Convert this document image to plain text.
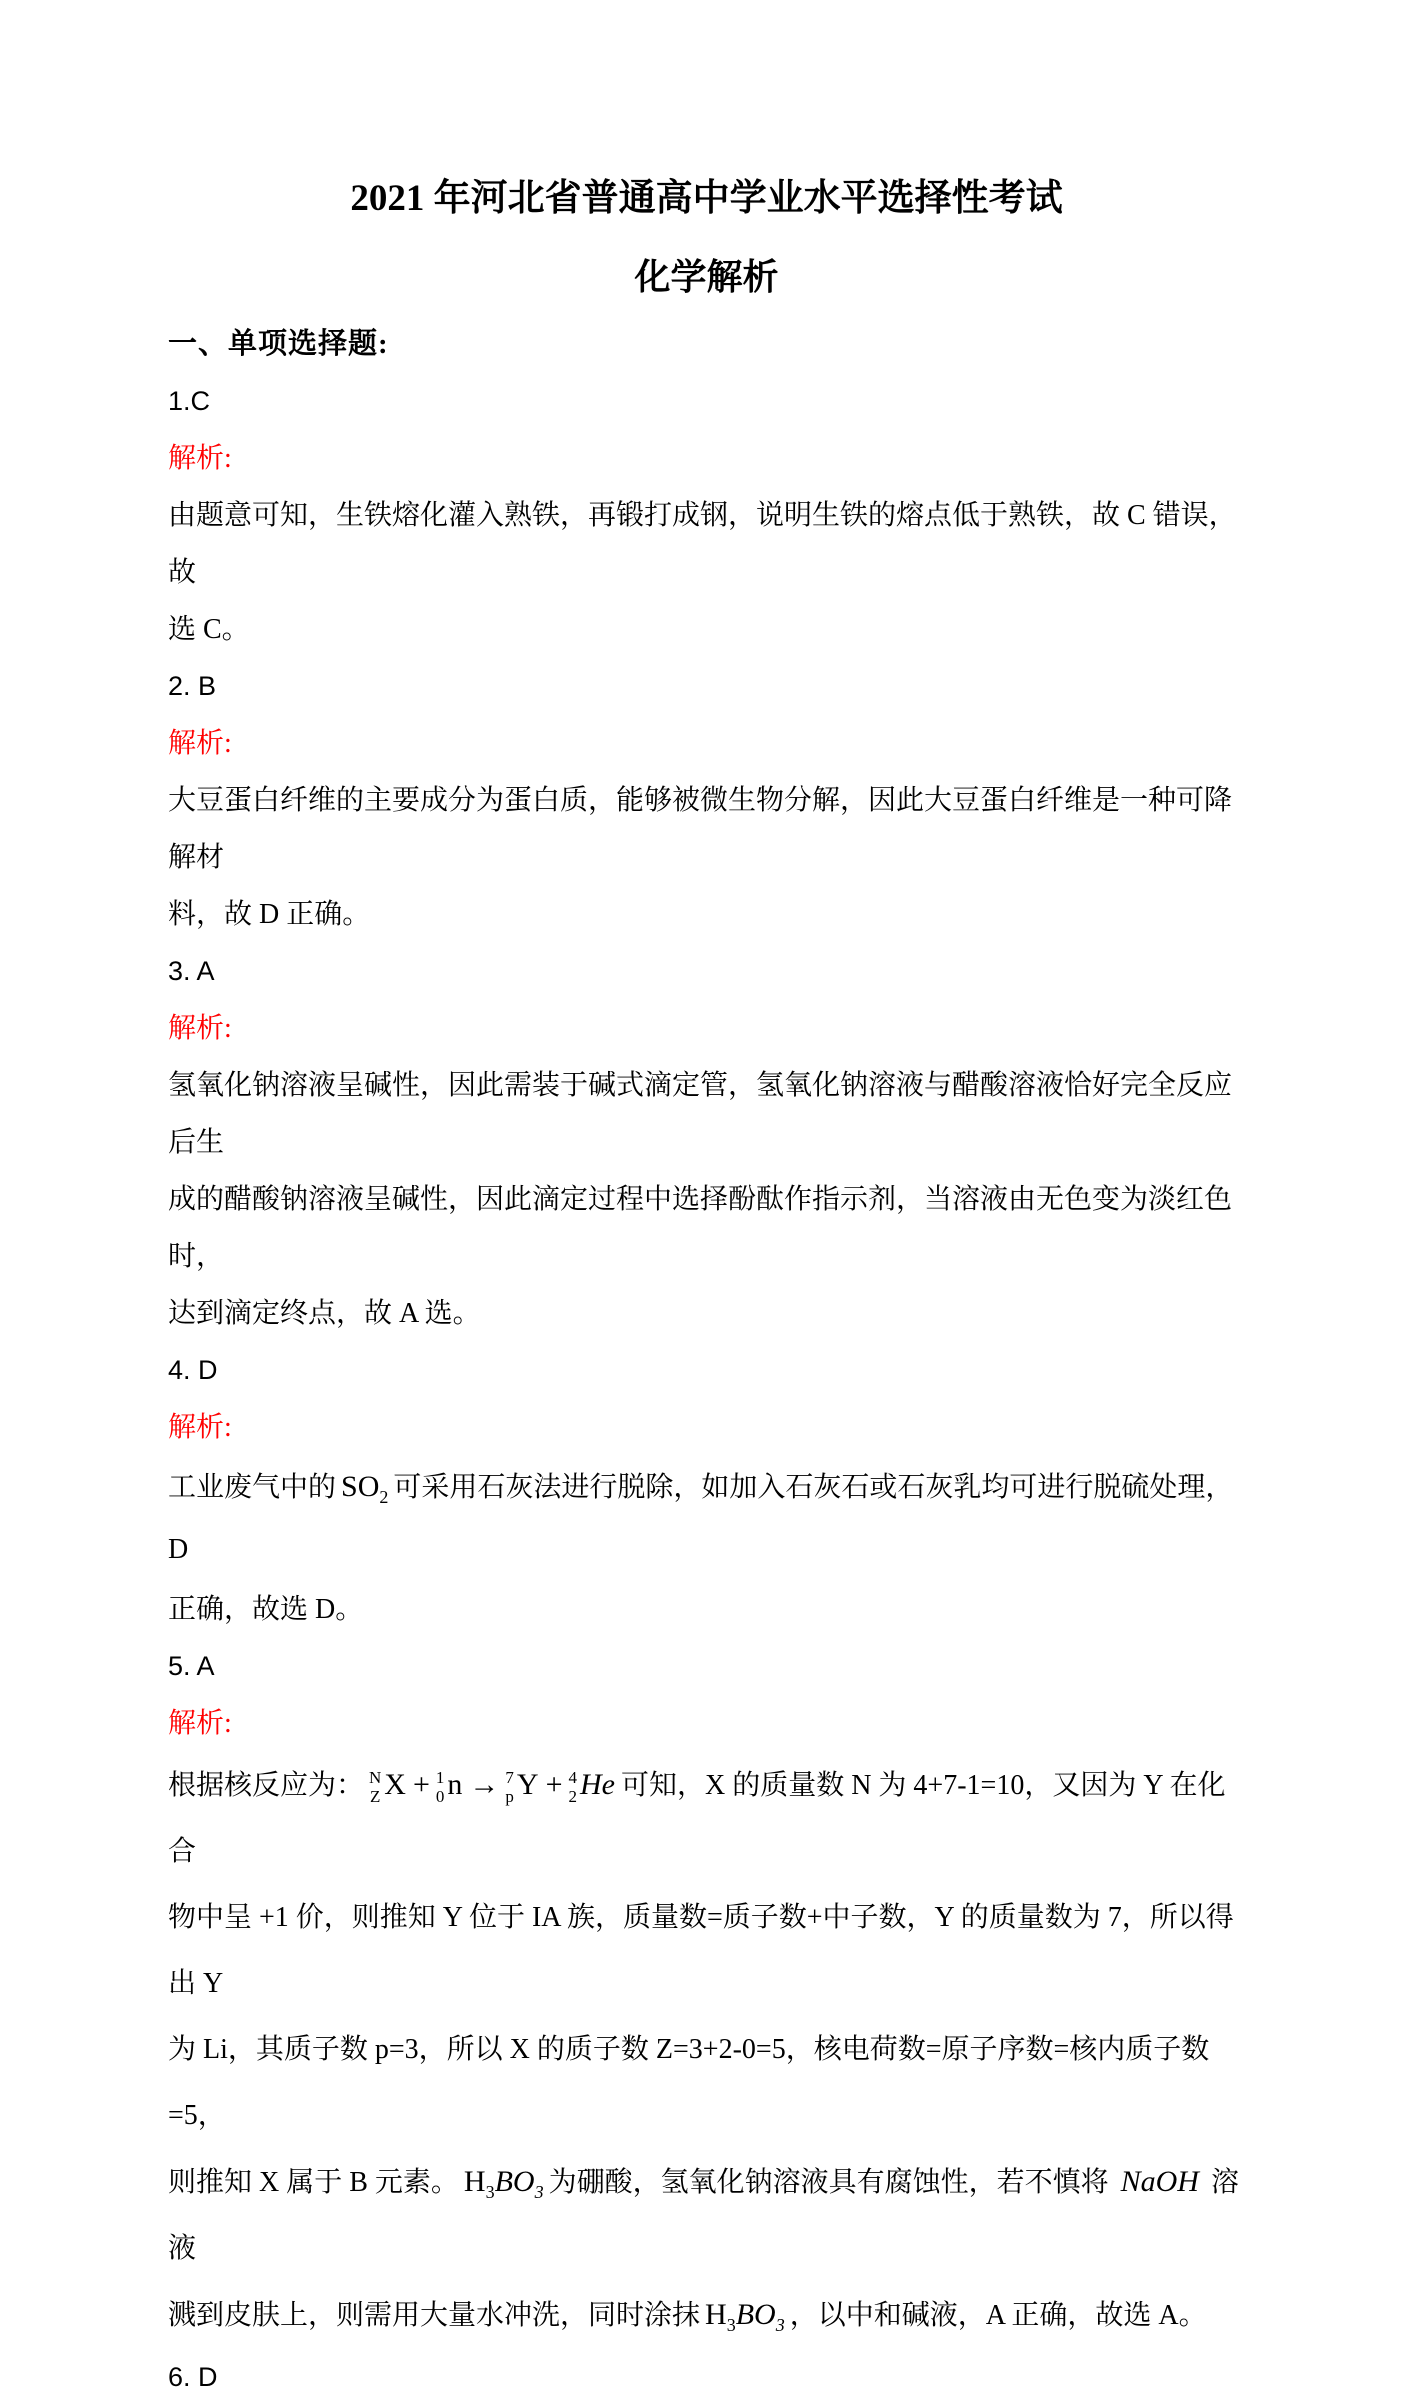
2021 年河北省普通高中学业水平选择性考试
化学解析
一、单项选择题:
1.C
解析:
由题意可知，生铁熔化灌入熟铁，再锻打成钢，说明生铁的熔点低于熟铁，故 C 错误，故
选 C。
2. B
解析:
大豆蛋白纤维的主要成分为蛋白质，能够被微生物分解，因此大豆蛋白纤维是一种可降解材
料，故 D 正确。
3. A
解析:
氢氧化钠溶液呈碱性，因此需装于碱式滴定管，氢氧化钠溶液与醋酸溶液恰好完全反应后生
成的醋酸钠溶液呈碱性，因此滴定过程中选择酚酞作指示剂，当溶液由无色变为淡红色时，
达到滴定终点，故 A 选。
4. D
解析:
工业废气中的 $SO_2$ 可采用石灰法进行脱除，如加入石灰石或石灰乳均可进行脱硫处理，D
正确，故选 D。
5. A
解析:
根据核反应为： N
Z X + 1
0 n → 7
p Y + 4
2 He 可知，X 的质量数 N 为 4+7-1=10，又因为 Y 在化合
物中呈 +1 价，则推知 Y 位于 IA 族，质量数=质子数+中子数，Y 的质量数为 7，所以得出 Y
为 Li，其质子数 p=3，所以 X 的质子数 Z=3+2-0=5，核电荷数=原子序数=核内质子数=5，
则推知 X 属于 B 元素。 $H_3BO_3$ 为硼酸，氢氧化钠溶液具有腐蚀性，若不慎将 NaOH 溶液
溅到皮肤上，则需用大量水冲洗，同时涂抹 $H_3BO_3$ ，以中和碱液，A 正确，故选 A。
6. D
